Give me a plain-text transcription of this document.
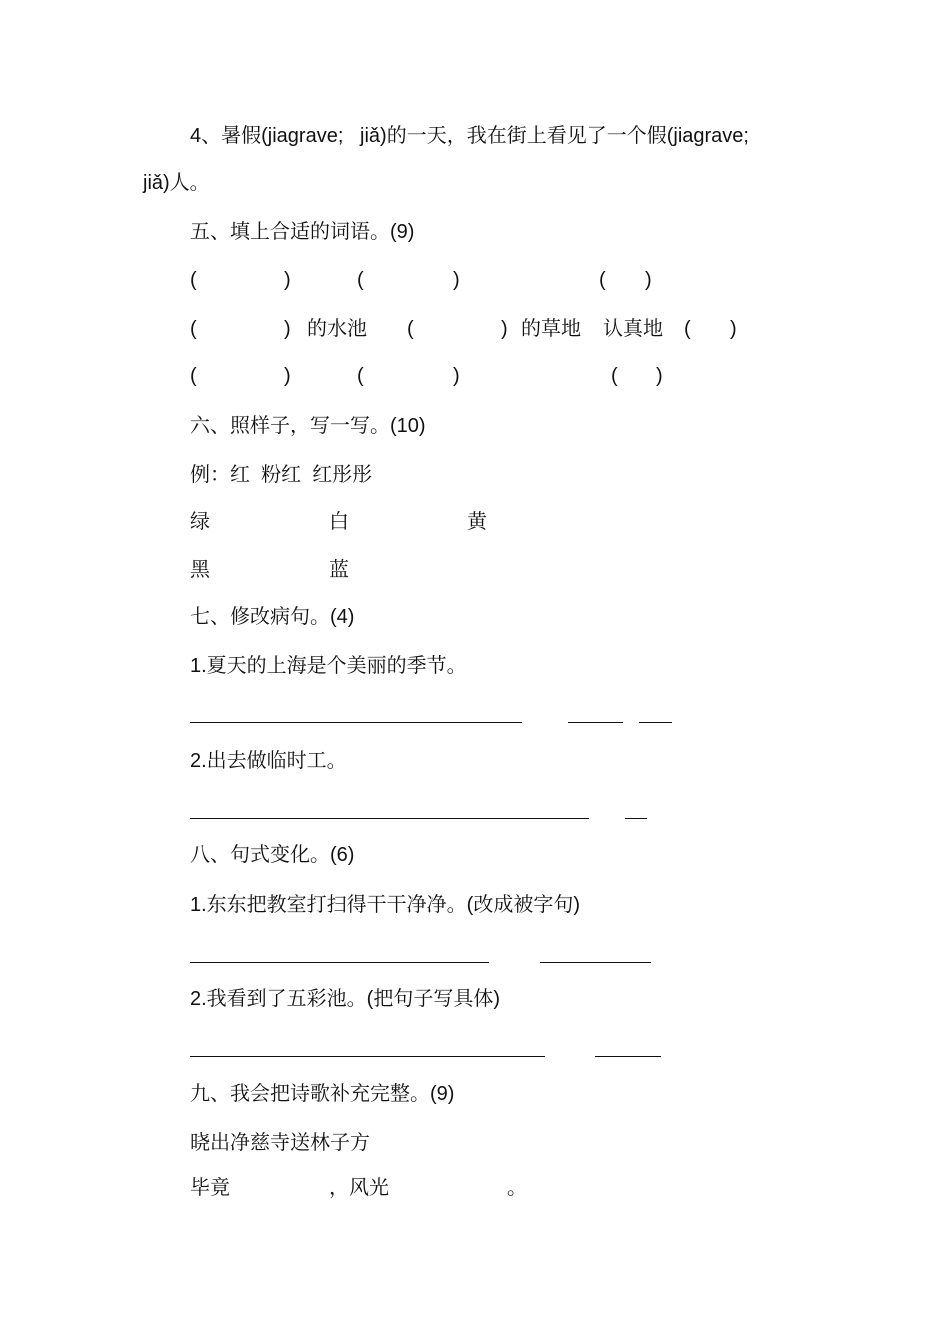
4、暑假(jiagrave;   jiǎ)的一天，我在街上看见了一个假(jiagrave;
jiǎ)人。
五、填上合适的词语。(9)
(	)	(	)	( )
(	) 的水池 (	) 的草地 认真地 ( )
(	)	(	)	( )
六、照样子，写一写。(10)
例：红  粉红  红彤彤
绿	白	黄
黑	蓝
七、修改病句。(4)
1.夏天的上海是个美丽的季节。
2.出去做临时工。
八、句式变化。(6)
1.东东把教室打扫得干干净净。(改成被字句)
2.我看到了五彩池。(把句子写具体)
九、我会把诗歌补充完整。(9)
晓出净慈寺送林子方
毕竟	，风光	。
